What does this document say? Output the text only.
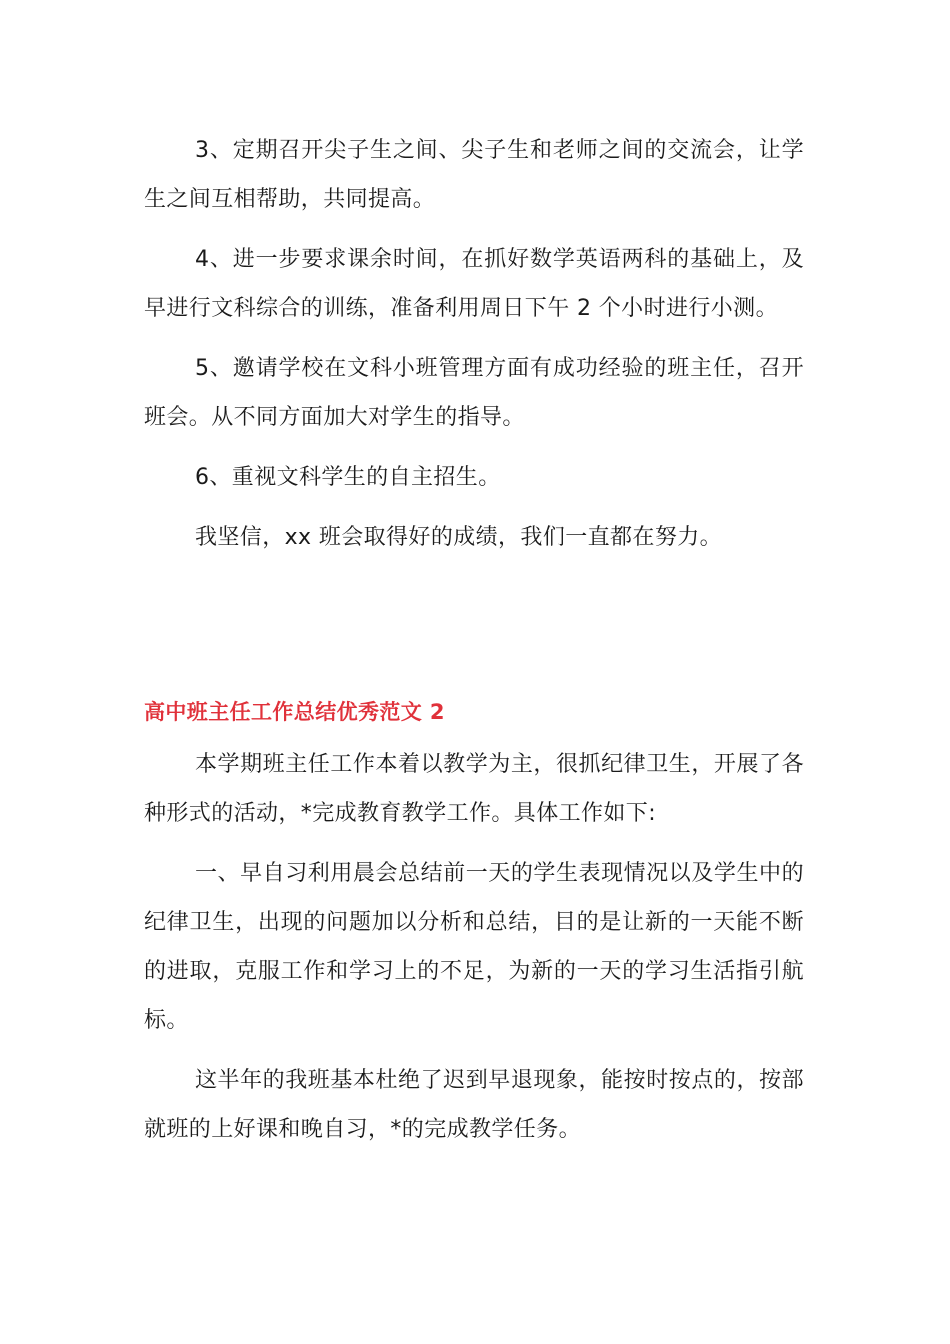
3、定期召开尖子生之间、尖子生和老师之间的交流会，让学生之间互相帮助，共同提高。

4、进一步要求课余时间，在抓好数学英语两科的基础上，及早进行文科综合的训练，准备利用周日下午 2 个小时进行小测。

5、邀请学校在文科小班管理方面有成功经验的班主任，召开班会。从不同方面加大对学生的指导。

6、重视文科学生的自主招生。

我坚信，xx 班会取得好的成绩，我们一直都在努力。

高中班主任工作总结优秀范文 2

本学期班主任工作本着以教学为主，很抓纪律卫生，开展了各种形式的活动，*完成教育教学工作。具体工作如下:

一、早自习利用晨会总结前一天的学生表现情况以及学生中的纪律卫生，出现的问题加以分析和总结，目的是让新的一天能不断的进取，克服工作和学习上的不足，为新的一天的学习生活指引航标。

这半年的我班基本杜绝了迟到早退现象，能按时按点的，按部就班的上好课和晚自习，*的完成教学任务。
